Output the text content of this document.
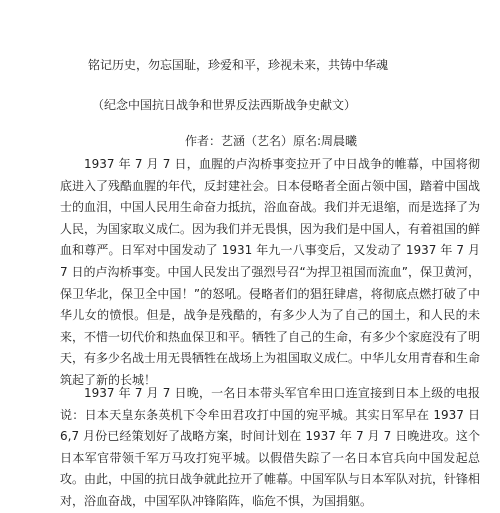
铭记历史，勿忘国耻，珍爱和平，珍视未来，共铸中华魂
（纪念中国抗日战争和世界反法西斯战争史献文）
作者：艺涵（艺名）原名:周晨曦
1937 年 7 月 7 日，血腥的卢沟桥事变拉开了中日战争的帷幕，中国将彻底进入了残酷血腥的年代，反封建社会。日本侵略者全面占领中国，踏着中国战士的血泪，中国人民用生命奋力抵抗，浴血奋战。我们并无退缩，而是选择了为人民，为国家取义成仁。因为我们并无畏惧，因为我们是中国人，有着祖国的鲜血和尊严。日军对中国发动了 1931 年九一八事变后，又发动了 1937 年 7 月 7 日的卢沟桥事变。中国人民发出了强烈号召“为捍卫祖国而流血”，保卫黄河，保卫华北，保卫全中国！”的怒吼。侵略者们的猖狂肆虐，将彻底点燃打破了中华儿女的愤恨。但是，战争是残酷的，有多少人为了自己的国土，和人民的未来，不惜一切代价和热血保卫和平。牺牲了自己的生命，有多少个家庭没有了明天，有多少名战士用无畏牺牲在战场上为祖国取义成仁。中华儿女用青春和生命筑起了新的长城！
1937 年 7 月 7 日晚，一名日本带头军官牟田口连宣接到日本上级的电报说：日本天皇东条英机下令牟田君攻打中国的宛平城。其实日军早在 1937 日 6,7 月份已经策划好了战略方案，时间计划在 1937 年 7 月 7 日晚进攻。这个日本军官带领千军万马攻打宛平城。以假借失踪了一名日本官兵向中国发起总攻。由此，中国的抗日战争就此拉开了帷幕。中国军队与日本军队对抗，针锋相对，浴血奋战，中国军队冲锋陷阵，临危不惧，为国捐躯。
